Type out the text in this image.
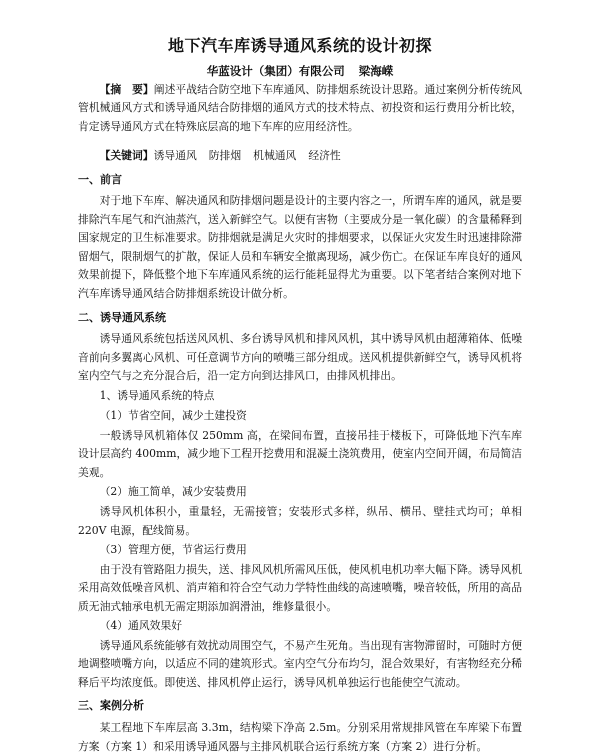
地下汽车库诱导通风系统的设计初探
华蓝设计（集团）有限公司 梁海嵘

【摘　要】阐述平战结合防空地下车库通风、防排烟系统设计思路。通过案例分析传统风管机械通风方式和诱导通风结合防排烟的通风方式的技术特点、初投资和运行费用分析比较，肯定诱导通风方式在特殊底层高的地下车库的应用经济性。

【关键词】诱导通风 防排烟 机械通风 经济性

一、前言

对于地下车库、解决通风和防排烟问题是设计的主要内容之一，所谓车库的通风，就是要排除汽车尾气和汽油蒸汽，送入新鲜空气。以便有害物（主要成分是一氧化碳）的含量稀释到国家规定的卫生标准要求。防排烟就是满足火灾时的排烟要求，以保证火灾发生时迅速排除滞留烟气，限制烟气的扩散，保证人员和车辆安全撤离现场，减少伤亡。在保证车库良好的通风效果前提下，降低整个地下车库通风系统的运行能耗显得尤为重要。以下笔者结合案例对地下汽车库诱导通风结合防排烟系统设计做分析。

二、诱导通风系统

诱导通风系统包括送风风机、多台诱导风机和排风风机，其中诱导风机由超薄箱体、低噪音前向多翼离心风机、可任意调节方向的喷嘴三部分组成。送风机提供新鲜空气，诱导风机将室内空气与之充分混合后，沿一定方向到达排风口，由排风机排出。

1、诱导通风系统的特点

（1）节省空间，减少土建投资

一般诱导风机箱体仅 250mm 高，在梁间布置，直接吊挂于楼板下，可降低地下汽车库设计层高约 400mm，减少地下工程开挖费用和混凝土浇筑费用，使室内空间开阔，布局简洁美观。

（2）施工简单，减少安装费用

诱导风机体积小，重量轻，无需接管；安装形式多样，纵吊、横吊、壁挂式均可；单相 220V 电源，配线简易。

（3）管理方便，节省运行费用

由于没有管路阻力损失，送、排风风机所需风压低，使风机电机功率大幅下降。诱导风机采用高效低噪音风机、消声箱和符合空气动力学特性曲线的高速喷嘴，噪音较低，所用的高品质无油式轴承电机无需定期添加润滑油，维修量很小。

（4）通风效果好

诱导通风系统能够有效扰动周围空气，不易产生死角。当出现有害物滞留时，可随时方便地调整喷嘴方向，以适应不同的建筑形式。室内空气分布均匀，混合效果好，有害物经充分稀释后平均浓度低。即使送、排风机停止运行，诱导风机单独运行也能使空气流动。

三、案例分析

某工程地下车库层高 3.3m，结构梁下净高 2.5m。分别采用常规排风管在车库梁下布置方案（方案 1）和采用诱导通风器与主排风机联合运行系统方案（方案 2）进行分析。
